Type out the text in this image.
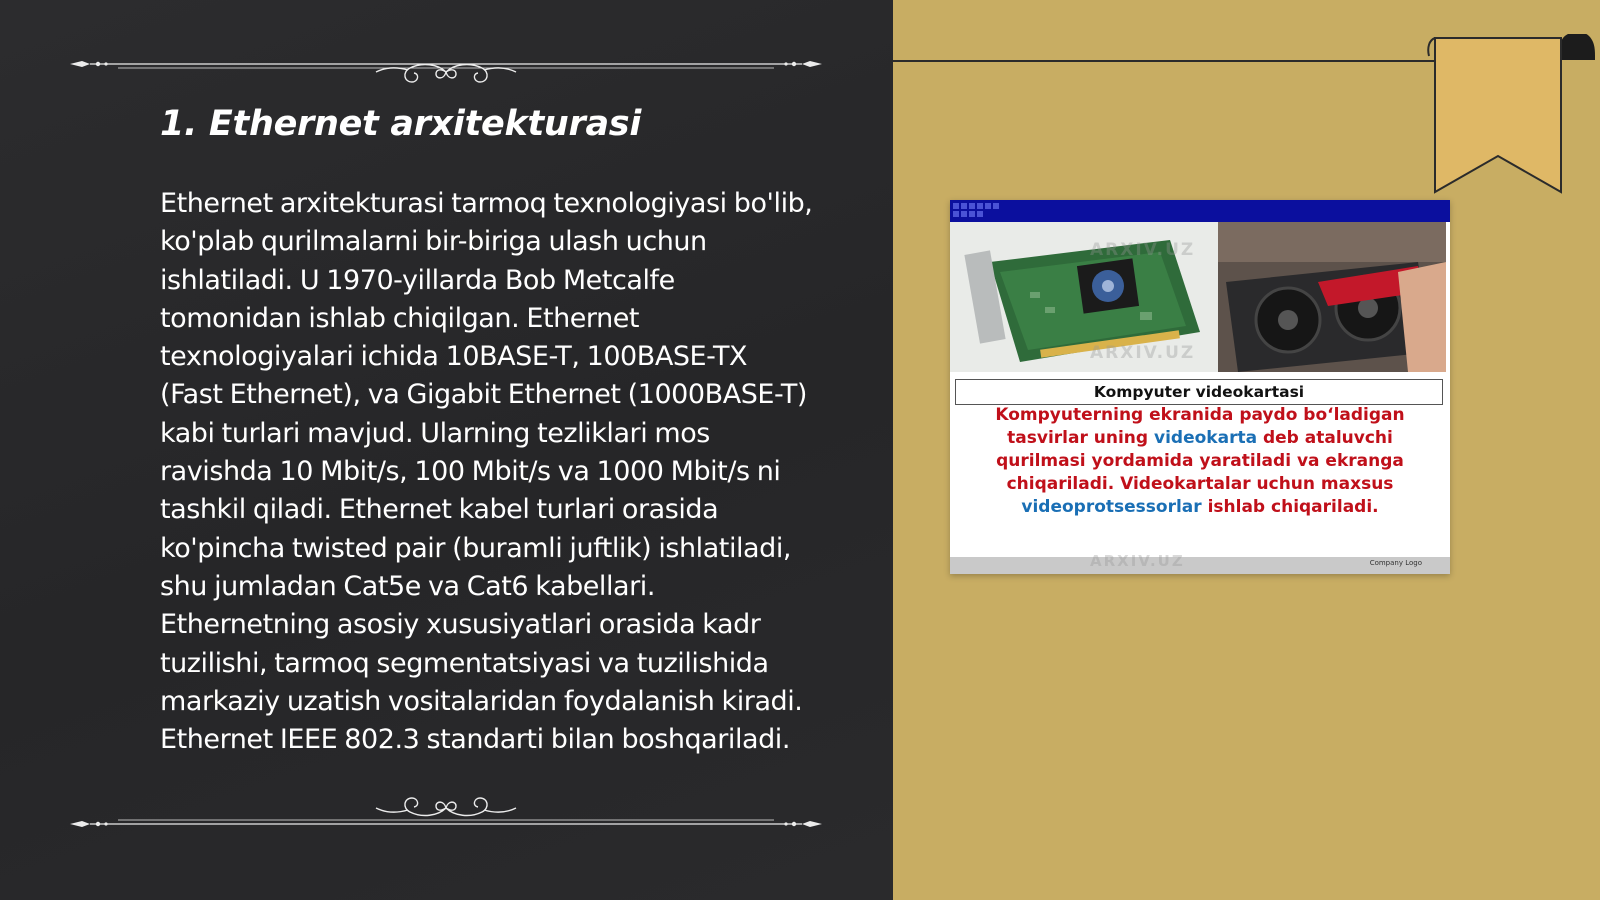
1. Ethernet arxitekturasi

Ethernet arxitekturasi tarmoq texnologiyasi bo'lib, ko'plab qurilmalarni bir-biriga ulash uchun ishlatiladi. U 1970-yillarda Bob Metcalfe tomonidan ishlab chiqilgan. Ethernet texnologiyalari ichida 10BASE-T, 100BASE-TX (Fast Ethernet), va Gigabit Ethernet (1000BASE-T) kabi turlari mavjud. Ularning tezliklari mos ravishda 10 Mbit/s, 100 Mbit/s va 1000 Mbit/s ni tashkil qiladi. Ethernet kabel turlari orasida ko'pincha twisted pair (buramli juftlik) ishlatiladi, shu jumladan Cat5e va Cat6 kabellari. Ethernetning asosiy xususiyatlari orasida kadr tuzilishi, tarmoq segmentatsiyasi va tuzilishida markaziy uzatish vositalaridan foydalanish kiradi. Ethernet IEEE 802.3 standarti bilan boshqariladi.

ARXIV.UZ
ARXIV.UZ
Kompyuter videokartasi

Kompyuterning ekranida paydo bo‘ladigan tasvirlar uning videokarta deb ataluvchi qurilmasi yordamida yaratiladi va ekranga chiqariladi. Videokartalar uchun maxsus videoprotsessorlar ishlab chiqariladi.

ARXIV.UZ	Company Logo
